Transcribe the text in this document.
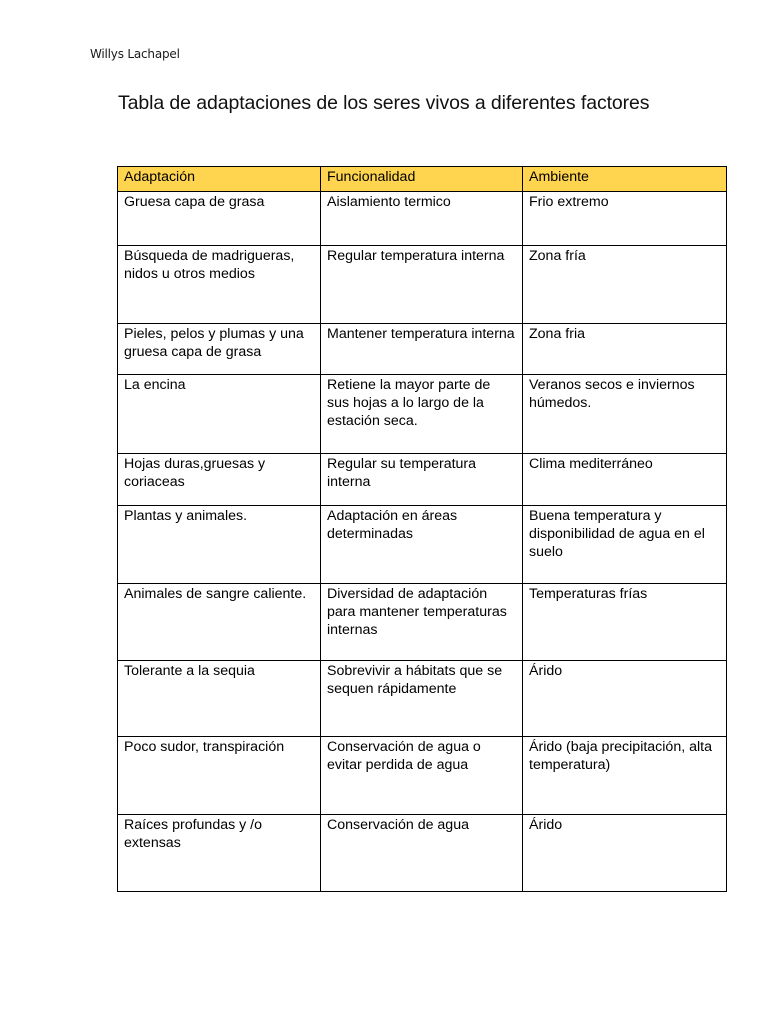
Willys Lachapel
Tabla de adaptaciones de los seres vivos a diferentes factores
Adaptación	Funcionalidad	Ambiente
Gruesa capa de grasa	Aislamiento termico	Frio extremo
Búsqueda de madrigueras, nidos u otros medios	Regular temperatura interna	Zona fría
Pieles, pelos y plumas y una gruesa capa de grasa	Mantener temperatura interna	Zona fria
La encina	Retiene la mayor parte de sus hojas a lo largo de la estación seca.	Veranos secos e inviernos húmedos.

Hojas duras,gruesas y coriaceas	Regular su temperatura interna	Clima mediterráneo
Plantas y animales.	Adaptación en áreas determinadas	Buena temperatura y disponibilidad de agua en el suelo
Animales de sangre caliente.	Diversidad de adaptación para mantener temperaturas internas	Temperaturas frías
Tolerante a la sequia	Sobrevivir a hábitats que se sequen rápidamente	Árido
Poco sudor, transpiración	Conservación de agua o evitar perdida de agua	Árido (baja precipitación, alta temperatura)
Raíces profundas y /o extensas	Conservación de agua	Árido
